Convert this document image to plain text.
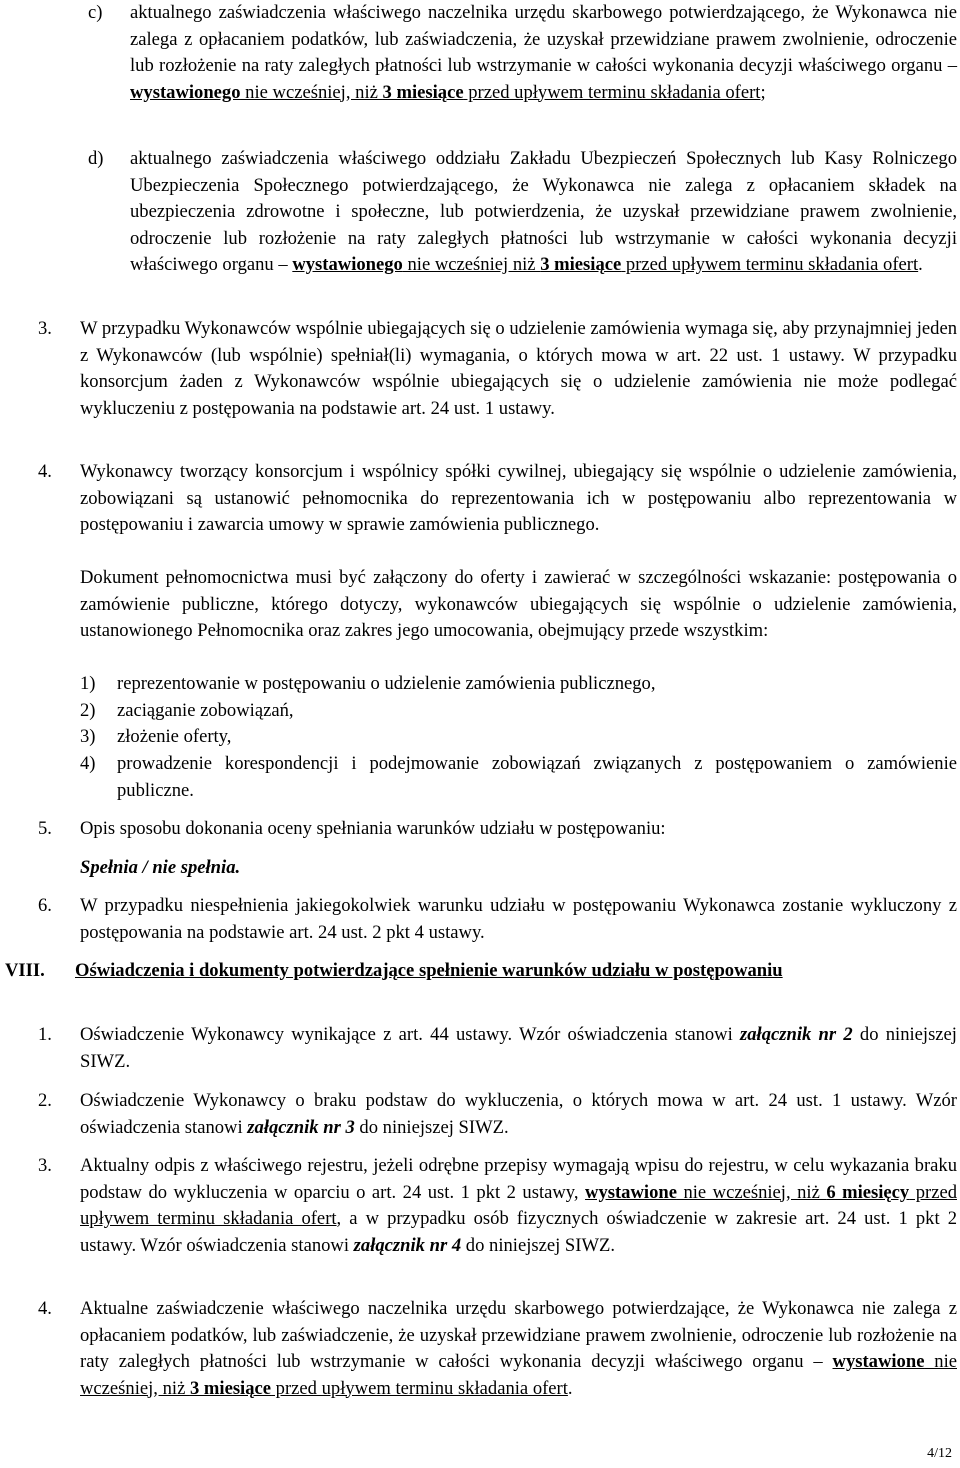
c) aktualnego zaświadczenia właściwego naczelnika urzędu skarbowego potwierdzającego, że Wykonawca nie zalega z opłacaniem podatków, lub zaświadczenia, że uzyskał przewidziane prawem zwolnienie, odroczenie lub rozłożenie na raty zaległych płatności lub wstrzymanie w całości wykonania decyzji właściwego organu – wystawionego nie wcześniej, niż 3 miesiące przed upływem terminu składania ofert;
d) aktualnego zaświadczenia właściwego oddziału Zakładu Ubezpieczeń Społecznych lub Kasy Rolniczego Ubezpieczenia Społecznego potwierdzającego, że Wykonawca nie zalega z opłacaniem składek na ubezpieczenia zdrowotne i społeczne, lub potwierdzenia, że uzyskał przewidziane prawem zwolnienie, odroczenie lub rozłożenie na raty zaległych płatności lub wstrzymanie w całości wykonania decyzji właściwego organu – wystawionego nie wcześniej niż 3 miesiące przed upływem terminu składania ofert.
3. W przypadku Wykonawców wspólnie ubiegających się o udzielenie zamówienia wymaga się, aby przynajmniej jeden z Wykonawców (lub wspólnie) spełniał(li) wymagania, o których mowa w art. 22 ust. 1 ustawy. W przypadku konsorcjum żaden z Wykonawców wspólnie ubiegających się o udzielenie zamówienia nie może podlegać wykluczeniu z postępowania na podstawie art. 24 ust. 1 ustawy.
4. Wykonawcy tworzący konsorcjum i wspólnicy spółki cywilnej, ubiegający się wspólnie o udzielenie zamówienia, zobowiązani są ustanowić pełnomocnika do reprezentowania ich w postępowaniu albo reprezentowania w postępowaniu i zawarcia umowy w sprawie zamówienia publicznego.
Dokument pełnomocnictwa musi być załączony do oferty i zawierać w szczególności wskazanie: postępowania o zamówienie publiczne, którego dotyczy, wykonawców ubiegających się wspólnie o udzielenie zamówienia, ustanowionego Pełnomocnika oraz zakres jego umocowania, obejmujący przede wszystkim:
1) reprezentowanie w postępowaniu o udzielenie zamówienia publicznego,
2) zaciąganie zobowiązań,
3) złożenie oferty,
4) prowadzenie korespondencji i podejmowanie zobowiązań związanych z postępowaniem o zamówienie publiczne.
5. Opis sposobu dokonania oceny spełniania warunków udziału w postępowaniu:
Spełnia / nie spełnia.
6. W przypadku niespełnienia jakiegokolwiek warunku udziału w postępowaniu Wykonawca zostanie wykluczony z postępowania na podstawie art. 24 ust. 2 pkt 4 ustawy.
VIII. Oświadczenia i dokumenty potwierdzające spełnienie warunków udziału w postępowaniu
1. Oświadczenie Wykonawcy wynikające z art. 44 ustawy. Wzór oświadczenia stanowi załącznik nr 2 do niniejszej SIWZ.
2. Oświadczenie Wykonawcy o braku podstaw do wykluczenia, o których mowa w art. 24 ust. 1 ustawy. Wzór oświadczenia stanowi załącznik nr 3 do niniejszej SIWZ.
3. Aktualny odpis z właściwego rejestru, jeżeli odrębne przepisy wymagają wpisu do rejestru, w celu wykazania braku podstaw do wykluczenia w oparciu o art. 24 ust. 1 pkt 2 ustawy, wystawione nie wcześniej, niż 6 miesięcy przed upływem terminu składania ofert, a w przypadku osób fizycznych oświadczenie w zakresie art. 24 ust. 1 pkt 2 ustawy. Wzór oświadczenia stanowi załącznik nr 4 do niniejszej SIWZ.
4. Aktualne zaświadczenie właściwego naczelnika urzędu skarbowego potwierdzające, że Wykonawca nie zalega z opłacaniem podatków, lub zaświadczenie, że uzyskał przewidziane prawem zwolnienie, odroczenie lub rozłożenie na raty zaległych płatności lub wstrzymanie w całości wykonania decyzji właściwego organu – wystawione nie wcześniej, niż 3 miesiące przed upływem terminu składania ofert.
4/12
